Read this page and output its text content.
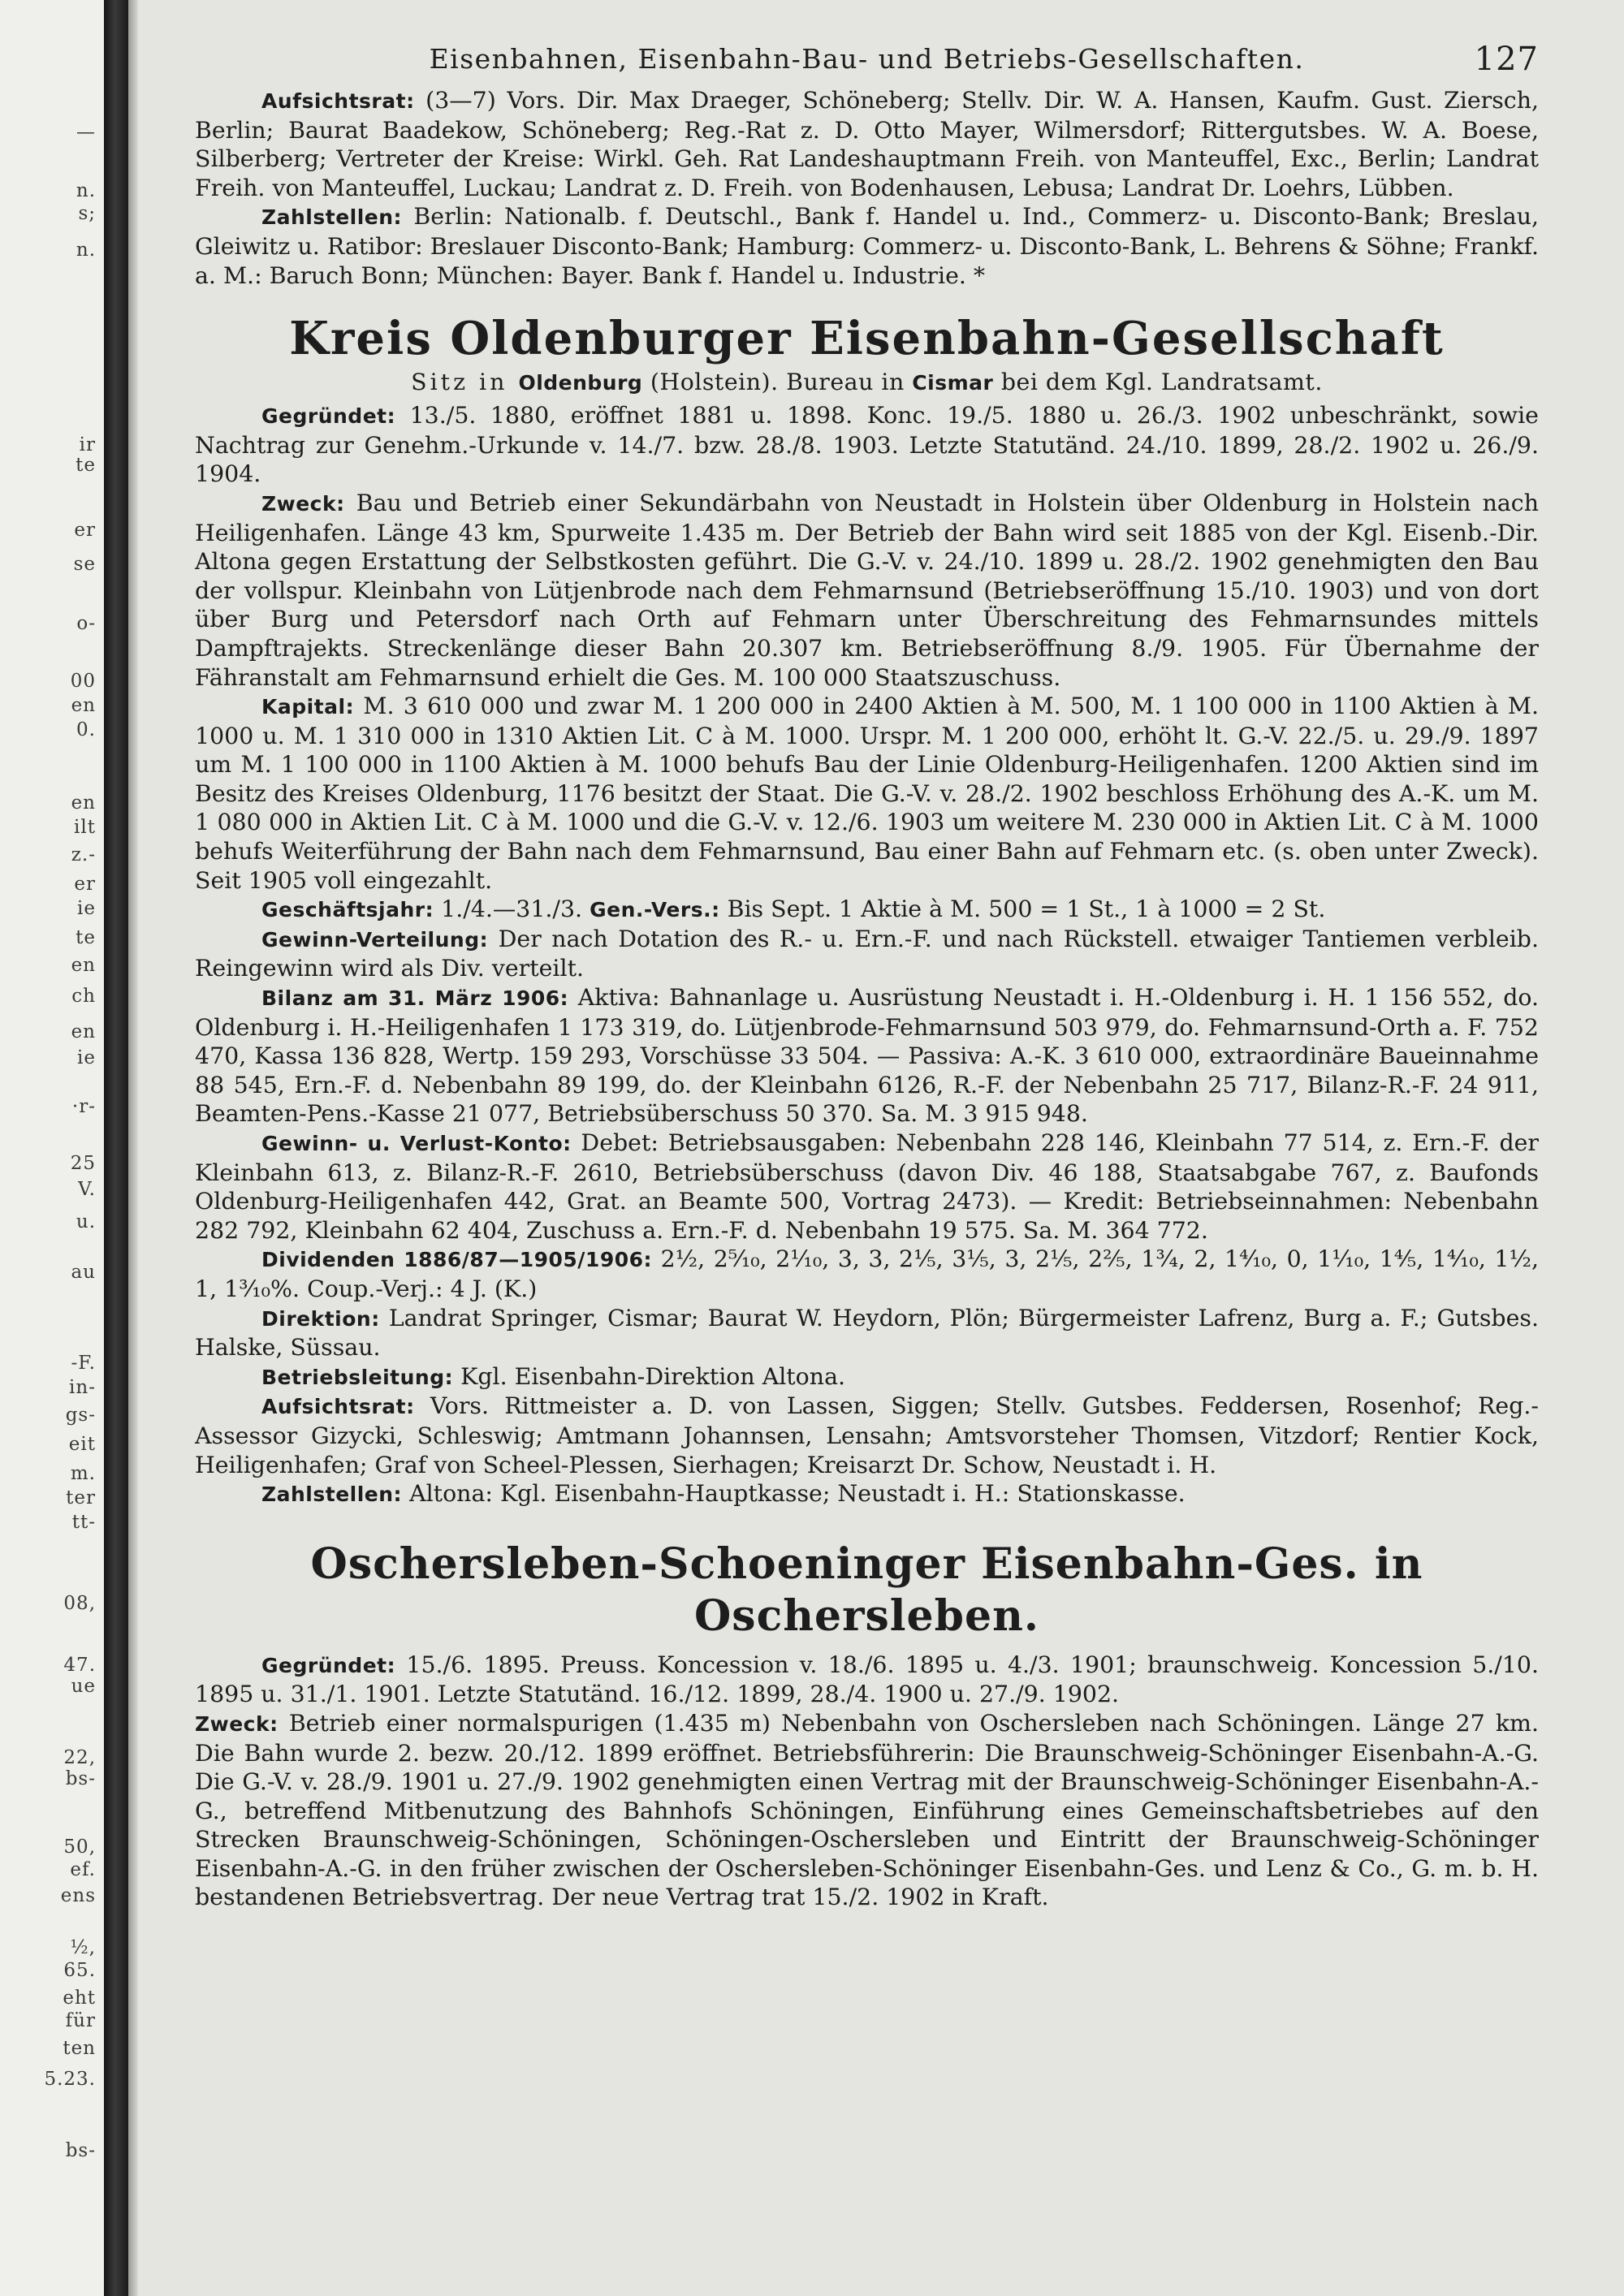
—
n.
s;
n.
ir
te
er
se
o-
00
en
0.
en
ilt
z.-
er
ie
te
en
ch
en
ie
·r-
25
V.
u.
au
-F.
in-
gs-
eit
m.
ter
tt-
08,
47.
ue
22,
bs-
50,
ef.
ens
½,
65.
eht
für
ten
5.23.
bs-
Eisenbahnen, Eisenbahn-Bau- und Betriebs-Gesellschaften.	127

Aufsichtsrat: (3—7) Vors. Dir. Max Draeger, Schöneberg; Stellv. Dir. W. A. Hansen, Kaufm. Gust. Ziersch, Berlin; Baurat Baadekow, Schöneberg; Reg.-Rat z. D. Otto Mayer, Wilmersdorf; Rittergutsbes. W. A. Boese, Silberberg; Vertreter der Kreise: Wirkl. Geh. Rat Landeshauptmann Freih. von Manteuffel, Exc., Berlin; Landrat Freih. von Manteuffel, Luckau; Landrat z. D. Freih. von Bodenhausen, Lebusa; Landrat Dr. Loehrs, Lübben.

Zahlstellen: Berlin: Nationalb. f. Deutschl., Bank f. Handel u. Ind., Commerz- u. Disconto-Bank; Breslau, Gleiwitz u. Ratibor: Breslauer Disconto-Bank; Hamburg: Commerz- u. Disconto-Bank, L. Behrens & Söhne; Frankf. a. M.: Baruch Bonn; München: Bayer. Bank f. Handel u. Industrie. *

Kreis Oldenburger Eisenbahn-Gesellschaft
Sitz in Oldenburg (Holstein). Bureau in Cismar bei dem Kgl. Landratsamt.

Gegründet: 13./5. 1880, eröffnet 1881 u. 1898. Konc. 19./5. 1880 u. 26./3. 1902 unbeschränkt, sowie Nachtrag zur Genehm.-Urkunde v. 14./7. bzw. 28./8. 1903. Letzte Statutänd. 24./10. 1899, 28./2. 1902 u. 26./9. 1904.

Zweck: Bau und Betrieb einer Sekundärbahn von Neustadt in Holstein über Oldenburg in Holstein nach Heiligenhafen. Länge 43 km, Spurweite 1.435 m. Der Betrieb der Bahn wird seit 1885 von der Kgl. Eisenb.-Dir. Altona gegen Erstattung der Selbstkosten geführt. Die G.-V. v. 24./10. 1899 u. 28./2. 1902 genehmigten den Bau der vollspur. Kleinbahn von Lütjenbrode nach dem Fehmarnsund (Betriebseröffnung 15./10. 1903) und von dort über Burg und Petersdorf nach Orth auf Fehmarn unter Überschreitung des Fehmarnsundes mittels Dampftrajekts. Streckenlänge dieser Bahn 20.307 km. Betriebseröffnung 8./9. 1905. Für Übernahme der Fähranstalt am Fehmarnsund erhielt die Ges. M. 100 000 Staatszuschuss.

Kapital: M. 3 610 000 und zwar M. 1 200 000 in 2400 Aktien à M. 500, M. 1 100 000 in 1100 Aktien à M. 1000 u. M. 1 310 000 in 1310 Aktien Lit. C à M. 1000. Urspr. M. 1 200 000, erhöht lt. G.-V. 22./5. u. 29./9. 1897 um M. 1 100 000 in 1100 Aktien à M. 1000 behufs Bau der Linie Oldenburg-Heiligenhafen. 1200 Aktien sind im Besitz des Kreises Oldenburg, 1176 besitzt der Staat. Die G.-V. v. 28./2. 1902 beschloss Erhöhung des A.-K. um M. 1 080 000 in Aktien Lit. C à M. 1000 und die G.-V. v. 12./6. 1903 um weitere M. 230 000 in Aktien Lit. C à M. 1000 behufs Weiterführung der Bahn nach dem Fehmarnsund, Bau einer Bahn auf Fehmarn etc. (s. oben unter Zweck). Seit 1905 voll eingezahlt.

Geschäftsjahr: 1./4.—31./3. Gen.-Vers.: Bis Sept. 1 Aktie à M. 500 = 1 St., 1 à 1000 = 2 St.

Gewinn-Verteilung: Der nach Dotation des R.- u. Ern.-F. und nach Rückstell. etwaiger Tantiemen verbleib. Reingewinn wird als Div. verteilt.

Bilanz am 31. März 1906: Aktiva: Bahnanlage u. Ausrüstung Neustadt i. H.-Oldenburg i. H. 1 156 552, do. Oldenburg i. H.-Heiligenhafen 1 173 319, do. Lütjenbrode-Fehmarnsund 503 979, do. Fehmarnsund-Orth a. F. 752 470, Kassa 136 828, Wertp. 159 293, Vorschüsse 33 504. — Passiva: A.-K. 3 610 000, extraordinäre Baueinnahme 88 545, Ern.-F. d. Nebenbahn 89 199, do. der Kleinbahn 6126, R.-F. der Nebenbahn 25 717, Bilanz-R.-F. 24 911, Beamten-Pens.-Kasse 21 077, Betriebsüberschuss 50 370. Sa. M. 3 915 948.

Gewinn- u. Verlust-Konto: Debet: Betriebsausgaben: Nebenbahn 228 146, Kleinbahn 77 514, z. Ern.-F. der Kleinbahn 613, z. Bilanz-R.-F. 2610, Betriebsüberschuss (davon Div. 46 188, Staatsabgabe 767, z. Baufonds Oldenburg-Heiligenhafen 442, Grat. an Beamte 500, Vortrag 2473). — Kredit: Betriebseinnahmen: Nebenbahn 282 792, Kleinbahn 62 404, Zuschuss a. Ern.-F. d. Nebenbahn 19 575. Sa. M. 364 772.

Dividenden 1886/87—1905/1906: 2½, 2⁵⁄₁₀, 2¹⁄₁₀, 3, 3, 2¹⁄₅, 3¹⁄₅, 3, 2¹⁄₅, 2²⁄₅, 1³⁄₄, 2, 1⁴⁄₁₀, 0, 1¹⁄₁₀, 1⁴⁄₅, 1⁴⁄₁₀, 1½, 1, 1³⁄₁₀%. Coup.-Verj.: 4 J. (K.)

Direktion: Landrat Springer, Cismar; Baurat W. Heydorn, Plön; Bürgermeister Lafrenz, Burg a. F.; Gutsbes. Halske, Süssau.

Betriebsleitung: Kgl. Eisenbahn-Direktion Altona.

Aufsichtsrat: Vors. Rittmeister a. D. von Lassen, Siggen; Stellv. Gutsbes. Feddersen, Rosenhof; Reg.-Assessor Gizycki, Schleswig; Amtmann Johannsen, Lensahn; Amtsvorsteher Thomsen, Vitzdorf; Rentier Kock, Heiligenhafen; Graf von Scheel-Plessen, Sierhagen; Kreisarzt Dr. Schow, Neustadt i. H.

Zahlstellen: Altona: Kgl. Eisenbahn-Hauptkasse; Neustadt i. H.: Stationskasse.

Oschersleben-Schoeninger Eisenbahn-Ges. in Oschersleben.

Gegründet: 15./6. 1895. Preuss. Koncession v. 18./6. 1895 u. 4./3. 1901; braunschweig. Koncession 5./10. 1895 u. 31./1. 1901. Letzte Statutänd. 16./12. 1899, 28./4. 1900 u. 27./9. 1902.

Zweck: Betrieb einer normalspurigen (1.435 m) Nebenbahn von Oschersleben nach Schöningen. Länge 27 km. Die Bahn wurde 2. bezw. 20./12. 1899 eröffnet. Betriebsführerin: Die Braunschweig-Schöninger Eisenbahn-A.-G. Die G.-V. v. 28./9. 1901 u. 27./9. 1902 genehmigten einen Vertrag mit der Braunschweig-Schöninger Eisenbahn-A.-G., betreffend Mitbenutzung des Bahnhofs Schöningen, Einführung eines Gemeinschaftsbetriebes auf den Strecken Braunschweig-Schöningen, Schöningen-Oschersleben und Eintritt der Braunschweig-Schöninger Eisenbahn-A.-G. in den früher zwischen der Oschersleben-Schöninger Eisenbahn-Ges. und Lenz & Co., G. m. b. H. bestandenen Betriebsvertrag. Der neue Vertrag trat 15./2. 1902 in Kraft.
